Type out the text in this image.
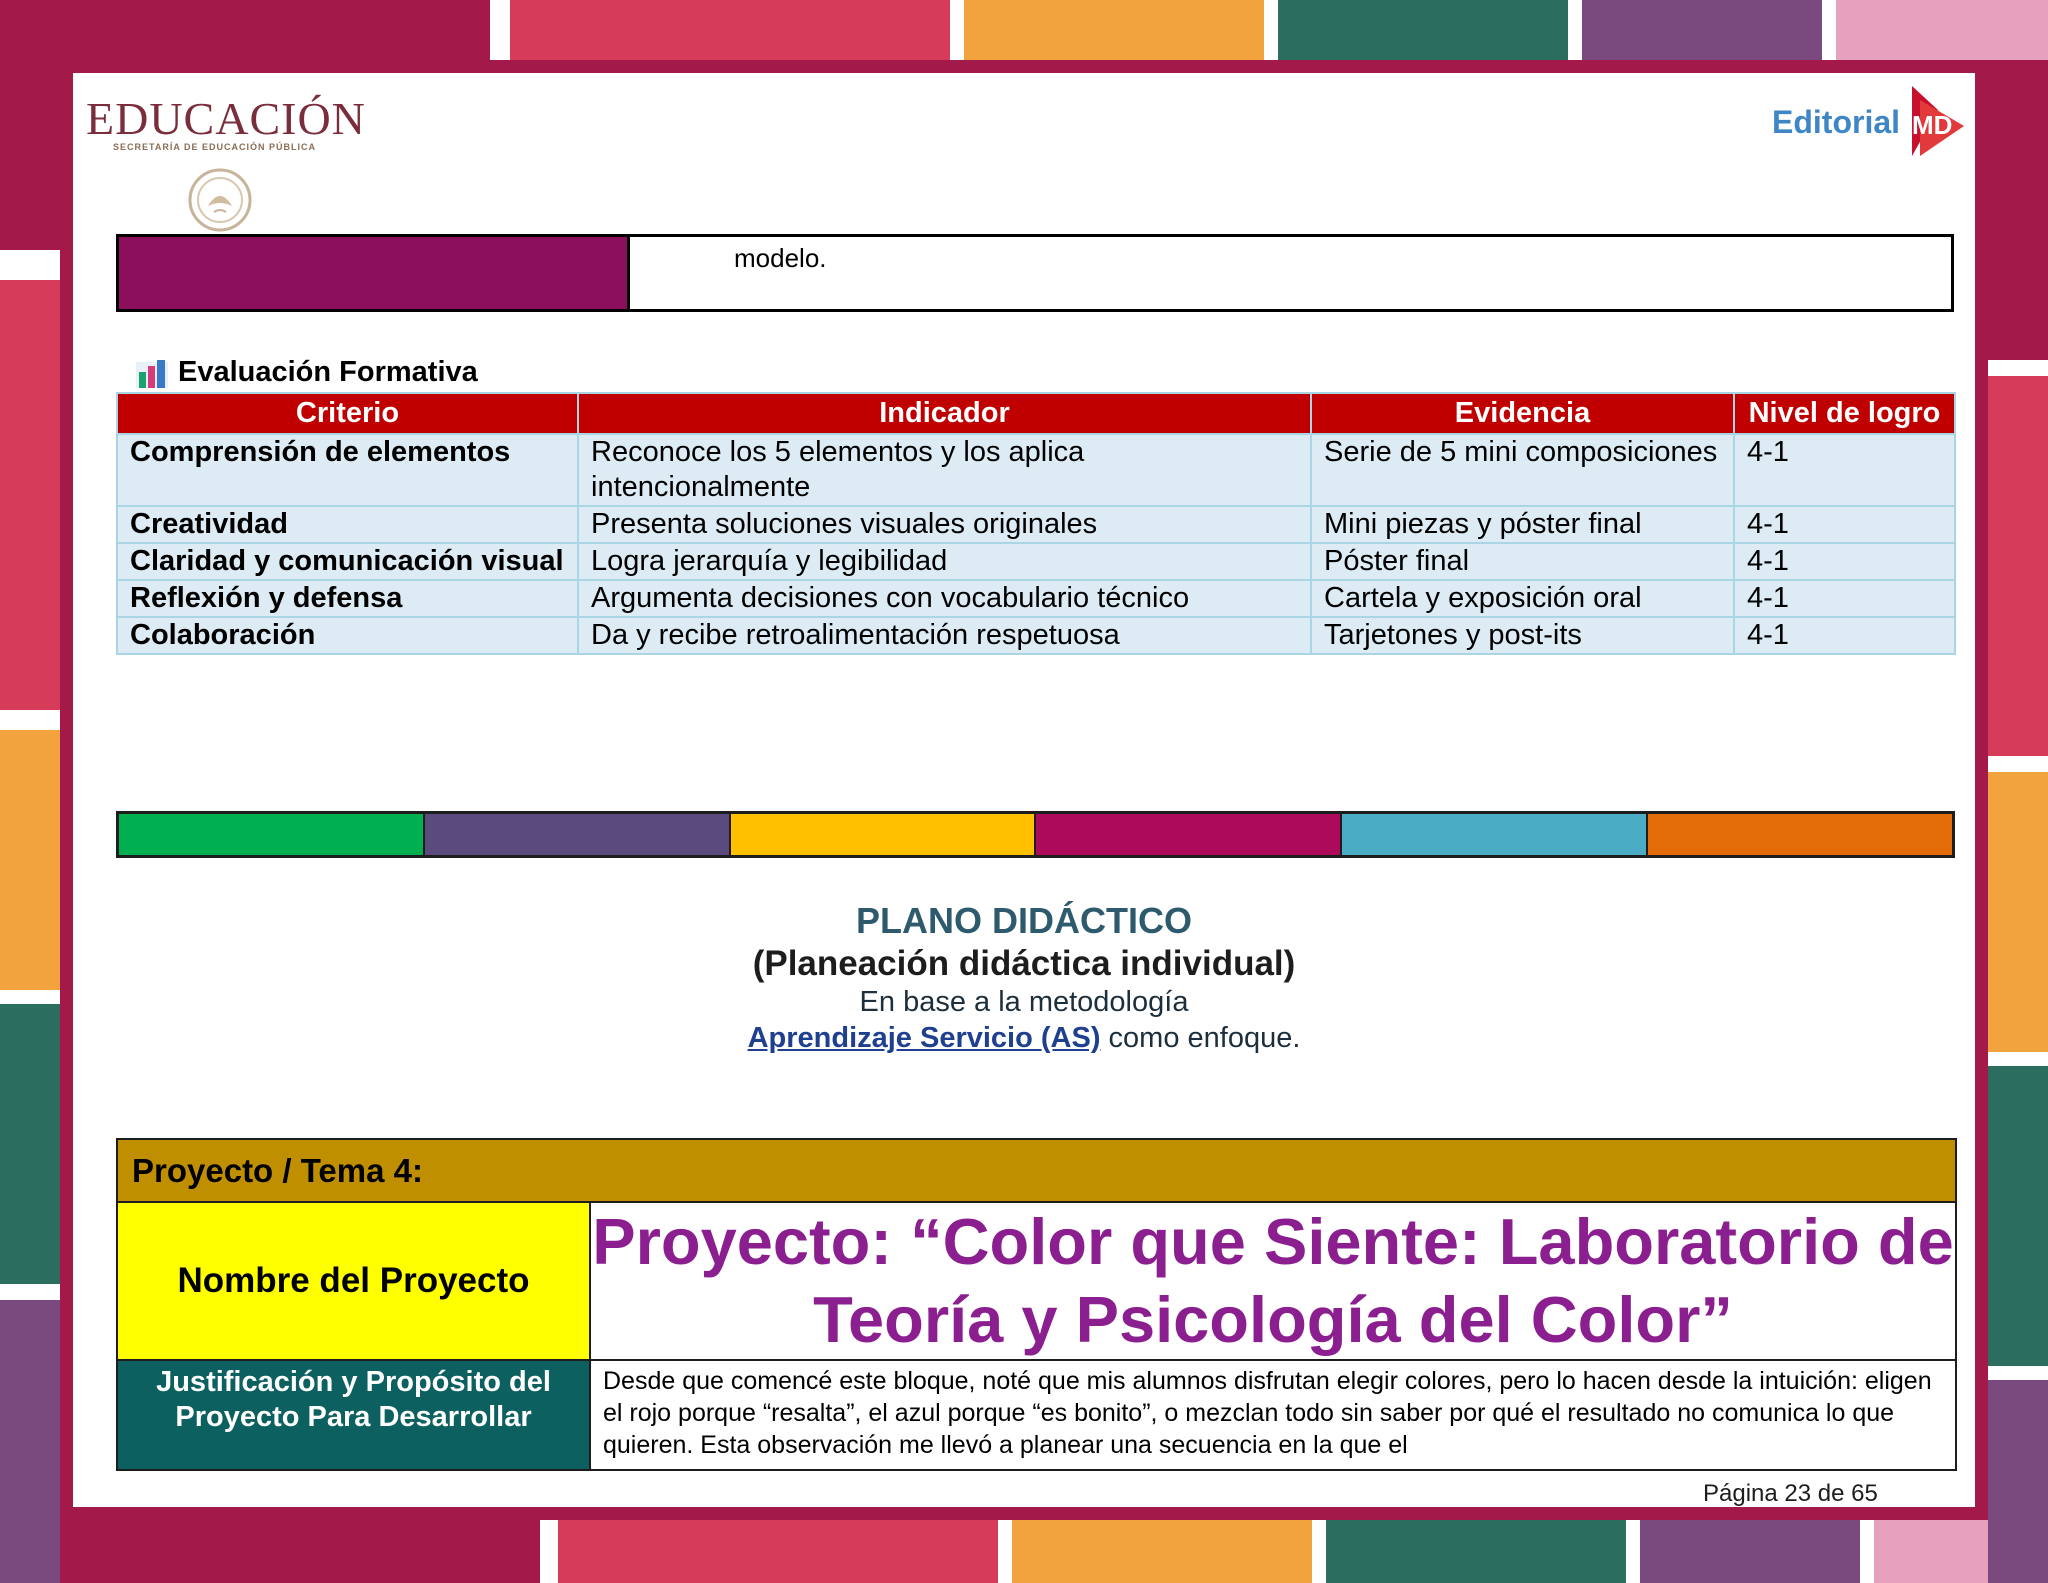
EDUCACIÓN
SECRETARÍA DE EDUCACIÓN PÚBLICA
Editorial MD
modelo.
Evaluación Formativa
Criterio	Indicador	Evidencia	Nivel de logro
Comprensión de elementos	Reconoce los 5 elementos y los aplica intencionalmente	Serie de 5 mini composiciones	4-1
Creatividad	Presenta soluciones visuales originales	Mini piezas y póster final	4-1
Claridad y comunicación visual	Logra jerarquía y legibilidad	Póster final	4-1
Reflexión y defensa	Argumenta decisiones con vocabulario técnico	Cartela y exposición oral	4-1
Colaboración	Da y recibe retroalimentación respetuosa	Tarjetones y post-its	4-1
PLANO DIDÁCTICO
(Planeación didáctica individual)
En base a la metodología
Aprendizaje Servicio (AS) como enfoque.
Proyecto / Tema 4:	
Nombre del Proyecto	Proyecto: “Color que Siente: Laboratorio de Teoría y Psicología del Color”
Justificación y Propósito del Proyecto Para Desarrollar	Desde que comencé este bloque, noté que mis alumnos disfrutan elegir colores, pero lo hacen desde la intuición: eligen el rojo porque “resalta”, el azul porque “es bonito”, o mezclan todo sin saber por qué el resultado no comunica lo que quieren. Esta observación me llevó a planear una secuencia en la que el
Página 23 de 65
